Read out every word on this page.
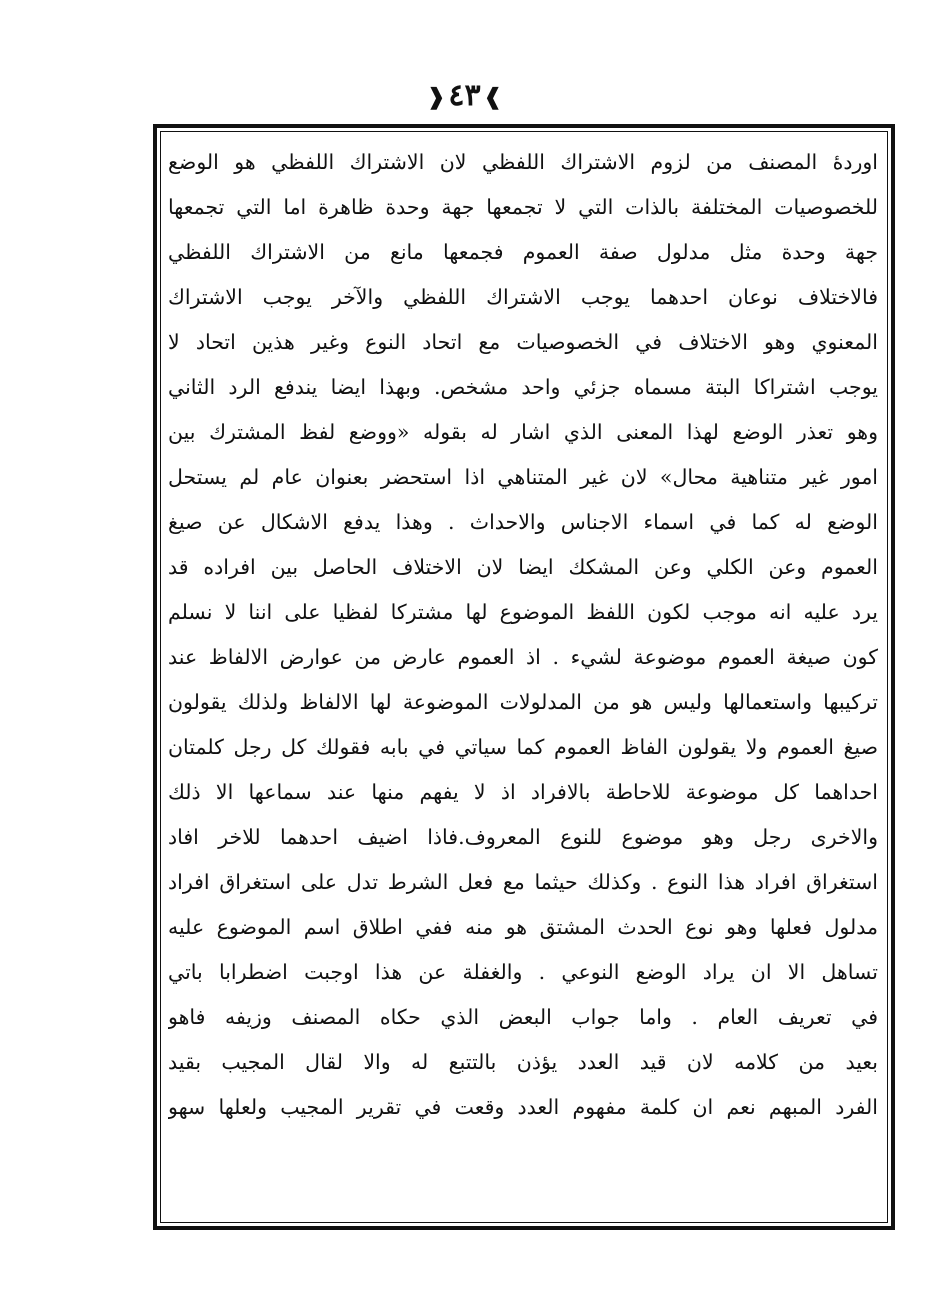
❱٤٣❰
اوردهٔ المصنف من لزوم الاشتراك اللفظي لان الاشتراك اللفظي هو الوضع
للخصوصيات المختلفة بالذات التي لا تجمعها جهة وحدة ظاهرة اما التي تجمعها
جهة وحدة مثل مدلول صفة العموم فجمعها مانع من الاشتراك اللفظي
فالاختلاف نوعان احدهما يوجب الاشتراك اللفظي والآخر يوجب الاشتراك
المعنوي وهو الاختلاف في الخصوصيات مع اتحاد النوع وغير هذين اتحاد لا
يوجب اشتراكا البتة مسماه جزئي واحد مشخص. وبهذا ايضا يندفع الرد الثاني
وهو تعذر الوضع لهذا المعنى الذي اشار له بقوله «ووضع لفظ المشترك بين
امور غير متناهية محال» لان غير المتناهي اذا استحضر بعنوان عام لم يستحل
الوضع له كما في اسماء الاجناس والاحداث . وهذا يدفع الاشكال عن صيغ
العموم وعن الكلي وعن المشكك ايضا لان الاختلاف الحاصل بين افراده قد
يرد عليه انه موجب لكون اللفظ الموضوع لها مشتركا لفظيا على اننا لا نسلم
كون صيغة العموم موضوعة لشيء . اذ العموم عارض من عوارض الالفاظ عند
تركيبها واستعمالها وليس هو من المدلولات الموضوعة لها الالفاظ ولذلك يقولون
صيغ العموم ولا يقولون الفاظ العموم كما سياتي في بابه فقولك كل رجل كلمتان
احداهما كل موضوعة للاحاطة بالافراد اذ لا يفهم منها عند سماعها الا ذلك
والاخرى رجل وهو موضوع للنوع المعروف.فاذا اضيف احدهما للاخر افاد
استغراق افراد هذا النوع . وكذلك حيثما مع فعل الشرط تدل على استغراق افراد
مدلول فعلها وهو نوع الحدث المشتق هو منه ففي اطلاق اسم الموضوع عليه
تساهل الا ان يراد الوضع النوعي . والغفلة عن هذا اوجبت اضطرابا باتي
في تعريف العام . واما جواب البعض الذي حكاه المصنف وزيفه فاهو
بعيد من كلامه لان قيد العدد يؤذن بالتتبع له والا لقال المجيب بقيد
الفرد المبهم نعم ان كلمة مفهوم العدد وقعت في تقرير المجيب ولعلها سهو
